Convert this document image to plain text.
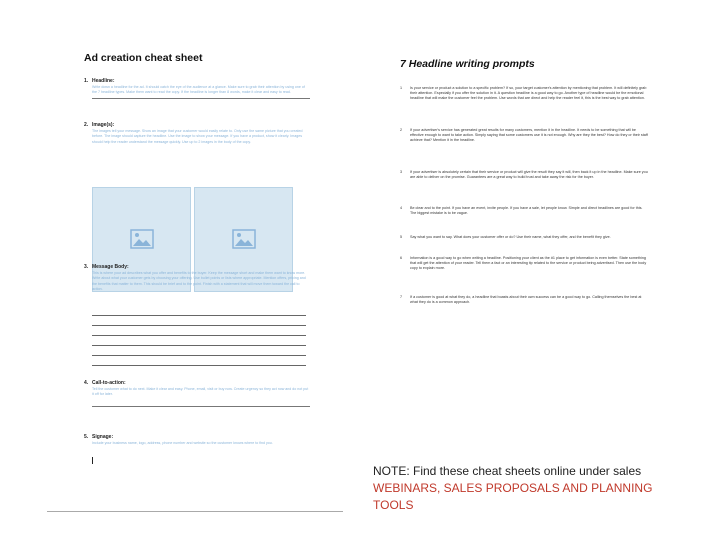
Ad creation cheat sheet
1. Headline:
Write down a headline for the ad. It should catch the eye of the audience at a glance. Make sure to grab their attention by using one of the 7 headline types. Make them want to read the copy. If the headline is longer than 8 words, make it clear and easy to read.
2. Image(s):
The images tell your message. Show an image that your customer would easily relate to. Only use the same picture that you created before. The image should capture the headline. Use the image to show your message. If you have a product, show it clearly. Images should help the reader understand the message quickly. Use up to 2 images in the body of the copy.
3. Message Body:
This is where your ad describes what you offer and benefits to the buyer. Keep the message short and make them want to know more. Write about what your customer gets by choosing your offering. Use bullet points or lists where appropriate. Mention offers, pricing and the benefits that matter to them. This should be brief and to the point. Finish with a statement that will move them toward the call to action.
4. Call-to-action:
Tell the customer what to do next. Make it clear and easy. Phone, email, visit or buy now. Create urgency so they act now and do not put it off for later.
5. Signage:
Include your business name, logo, address, phone number and website so the customer knows where to find you.
7 Headline writing prompts
1	Is your service or product a solution to a specific problem? If so, your target customer's attention by mentioning that problem. It will definitely grab their attention. Especially if you offer the solution in it. A question headline is a good way to go. Another type of headline would be the emotional headline that will make the customer feel the problem. Use words that are direct and help the reader feel it, this is the best way to grab attention.
2	If your advertiser's service has generated great results for many customers, mention it in the headline. It needs to be something that will be effective enough to want to take action. Simply saying that some customers use it is not enough. Why are they the best? How do they or their staff achieve that? Mention it in the headline.
3	If your advertiser is absolutely certain that their service or product will give the result they say it will, then back it up in the headline. Make sure you are able to deliver on the promise. Guarantees are a great way to build trust and take away the risk for the buyer.
4	Be clear and to the point. If you have an event, invite people. If you have a sale, let people know. Simple and direct headlines are good for this. The biggest mistake is to be vague.
5	Say what you want to say. What does your customer offer or do? Use their name, what they offer, and the benefit they give.
6	Information is a good way to go when writing a headline. Positioning your client as the #1 place to get information is even better. State something that will get the attention of your reader. Tell them a fact or an interesting tip related to the service or product being advertised. Then use the body copy to explain more.
7	If a customer is good at what they do, a headline that boasts about their own success can be a good way to go. Calling themselves the best at what they do is a common approach.
NOTE: Find these cheat sheets online under sales WEBINARS, SALES PROPOSALS AND PLANNING TOOLS
